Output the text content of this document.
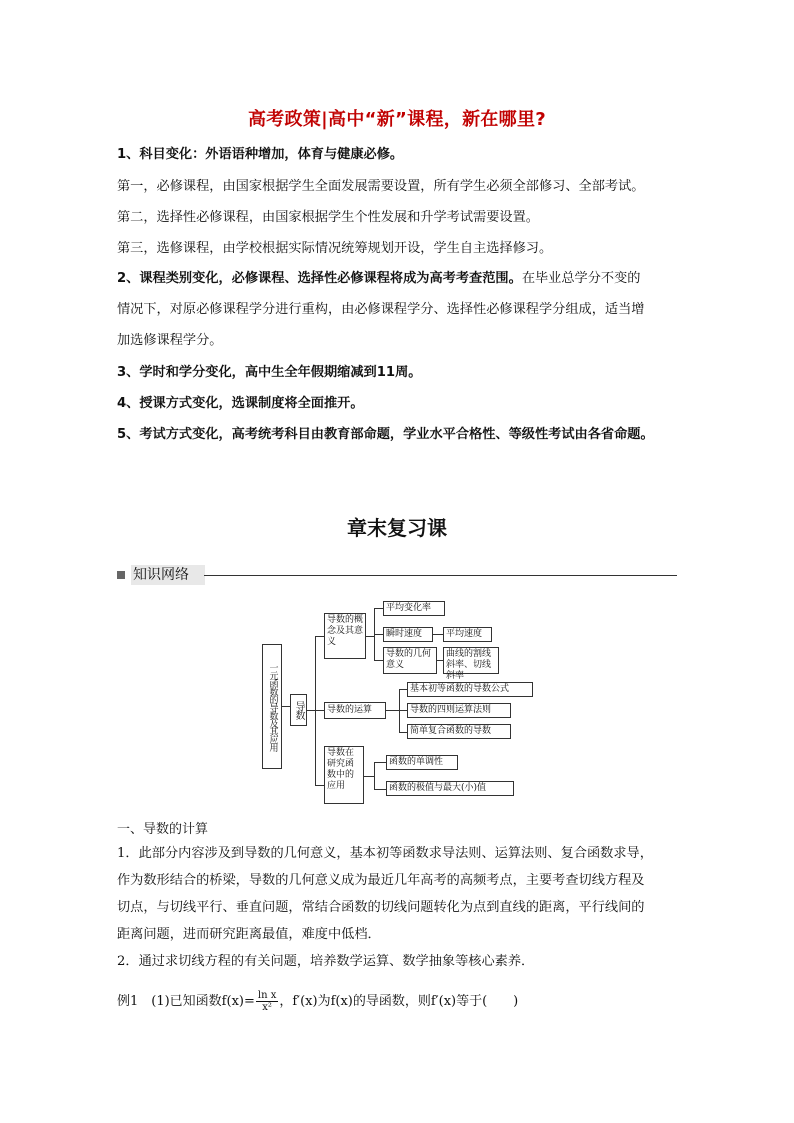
高考政策|高中“新”课程，新在哪里?
1、科目变化：外语语种增加，体育与健康必修。
第一，必修课程，由国家根据学生全面发展需要设置，所有学生必须全部修习、全部考试。
第二，选择性必修课程，由国家根据学生个性发展和升学考试需要设置。
第三，选修课程，由学校根据实际情况统筹规划开设，学生自主选择修习。
2、课程类别变化，必修课程、选择性必修课程将成为高考考查范围。在毕业总学分不变的
情况下，对原必修课程学分进行重构，由必修课程学分、选择性必修课程学分组成，适当增
加选修课程学分。
3、学时和学分变化，高中生全年假期缩减到11周。
4、授课方式变化，选课制度将全面推开。
5、考试方式变化，高考统考科目由教育部命题，学业水平合格性、等级性考试由各省命题。
章末复习课
知识网络
一元函数的导数及其应用	导数
导数的概念及其意义
平均变化率
瞬时速度	平均速度
导数的几何意义
曲线的割线斜率、切线斜率
导数的运算
基本初等函数的导数公式
导数的四则运算法则
简单复合函数的导数
导数在研究函数中的应用
函数的单调性
函数的极值与最大(小)值
一、导数的计算
1．此部分内容涉及到导数的几何意义，基本初等函数求导法则、运算法则、复合函数求导，
作为数形结合的桥梁，导数的几何意义成为最近几年高考的高频考点，主要考查切线方程及
切点，与切线平行、垂直问题，常结合函数的切线问题转化为点到直线的距离，平行线间的
距离问题，进而研究距离最值，难度中低档．
2．通过求切线方程的有关问题，培养数学运算、数学抽象等核心素养．
例1　(1)已知函数$f(x)= \frac{\text{ln x}}{\text{x²}}$ ，f′(x)为f(x)的导函数，则f′(x)等于(　　)
